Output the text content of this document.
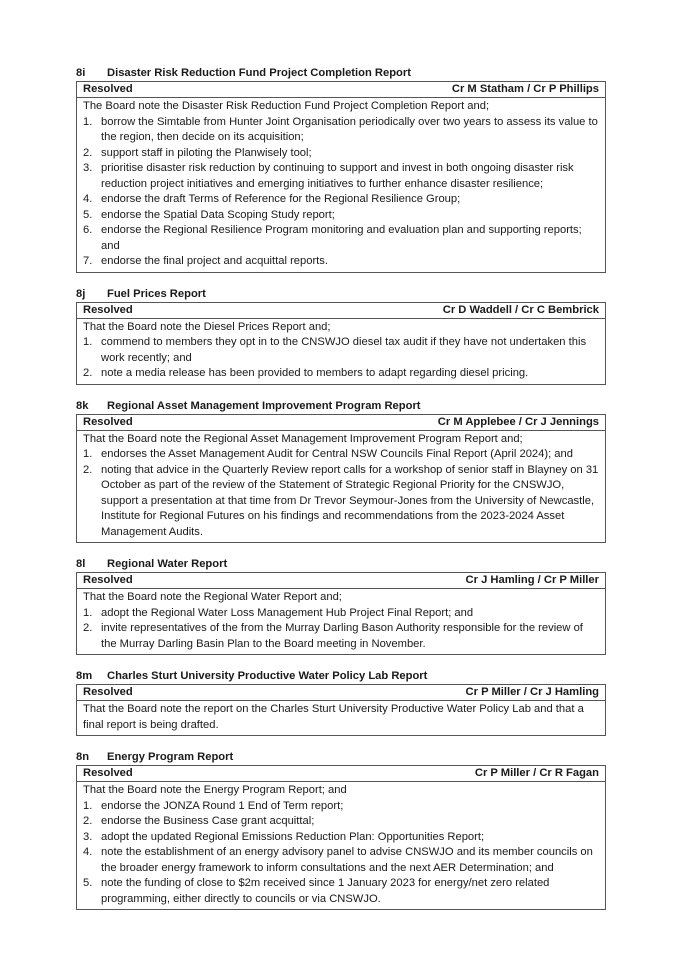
8i	Disaster Risk Reduction Fund Project Completion Report
Resolved	Cr M Statham / Cr P Phillips
The Board note the Disaster Risk Reduction Fund Project Completion Report and;
1. borrow the Simtable from Hunter Joint Organisation periodically over two years to assess its value to the region, then decide on its acquisition;
2. support staff in piloting the Planwisely tool;
3. prioritise disaster risk reduction by continuing to support and invest in both ongoing disaster risk reduction project initiatives and emerging initiatives to further enhance disaster resilience;
4. endorse the draft Terms of Reference for the Regional Resilience Group;
5. endorse the Spatial Data Scoping Study report;
6. endorse the Regional Resilience Program monitoring and evaluation plan and supporting reports; and
7. endorse the final project and acquittal reports.
8j	Fuel Prices Report
Resolved	Cr D Waddell / Cr C Bembrick
That the Board note the Diesel Prices Report and;
1. commend to members they opt in to the CNSWJO diesel tax audit if they have not undertaken this work recently; and
2. note a media release has been provided to members to adapt regarding diesel pricing.
8k	Regional Asset Management Improvement Program Report
Resolved	Cr M Applebee / Cr J Jennings
That the Board note the Regional Asset Management Improvement Program Report and;
1. endorses the Asset Management Audit for Central NSW Councils Final Report (April 2024); and
2. noting that advice in the Quarterly Review report calls for a workshop of senior staff in Blayney on 31 October as part of the review of the Statement of Strategic Regional Priority for the CNSWJO, support a presentation at that time from Dr Trevor Seymour-Jones from the University of Newcastle, Institute for Regional Futures on his findings and recommendations from the 2023-2024 Asset Management Audits.
8l	Regional Water Report
Resolved	Cr J Hamling / Cr P Miller
That the Board note the Regional Water Report and;
1. adopt the Regional Water Loss Management Hub Project Final Report; and
2. invite representatives of the from the Murray Darling Bason Authority responsible for the review of the Murray Darling Basin Plan to the Board meeting in November.
8m	Charles Sturt University Productive Water Policy Lab Report
Resolved	Cr P Miller / Cr J Hamling
That the Board note the report on the Charles Sturt University Productive Water Policy Lab and that a final report is being drafted.
8n	Energy Program Report
Resolved	Cr P Miller / Cr R Fagan
That the Board note the Energy Program Report; and
1. endorse the JONZA Round 1 End of Term report;
2. endorse the Business Case grant acquittal;
3. adopt the updated Regional Emissions Reduction Plan: Opportunities Report;
4. note the establishment of an energy advisory panel to advise CNSWJO and its member councils on the broader energy framework to inform consultations and the next AER Determination; and
5. note the funding of close to $2m received since 1 January 2023 for energy/net zero related programming, either directly to councils or via CNSWJO.
